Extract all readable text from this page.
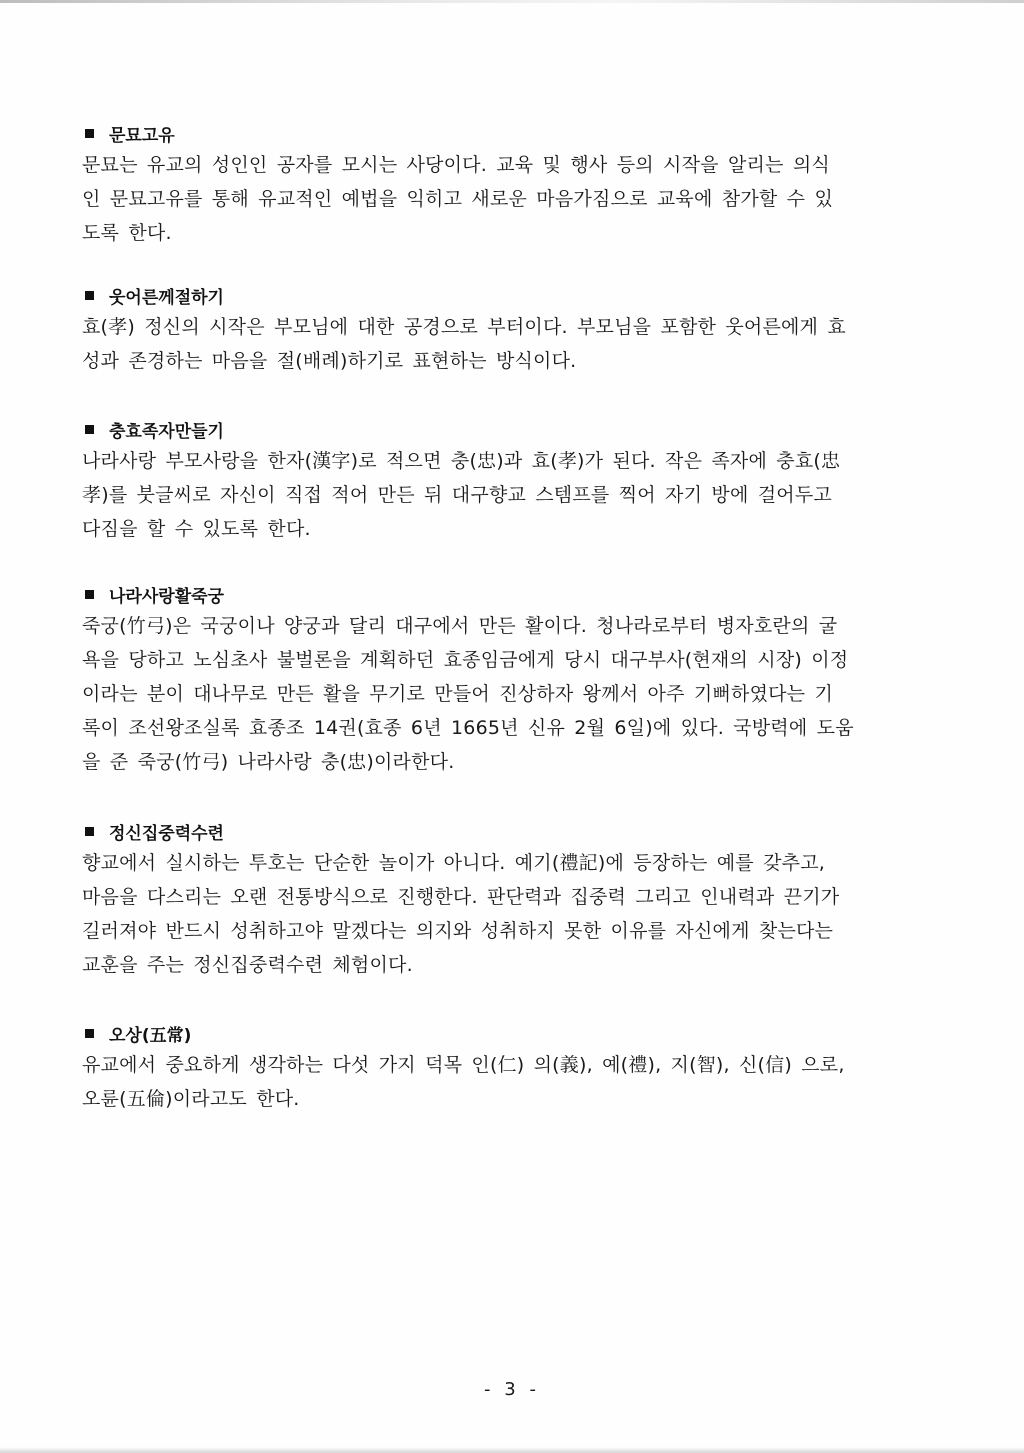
문묘고유
문묘는 유교의 성인인 공자를 모시는 사당이다. 교육 및 행사 등의 시작을 알리는 의식
인 문묘고유를 통해 유교적인 예법을 익히고 새로운 마음가짐으로 교육에 참가할 수 있
도록 한다.
웃어른께절하기
효(孝) 정신의 시작은 부모님에 대한 공경으로 부터이다. 부모님을 포함한 웃어른에게 효
성과 존경하는 마음을 절(배례)하기로 표현하는 방식이다.
충효족자만들기
나라사랑 부모사랑을 한자(漢字)로 적으면 충(忠)과 효(孝)가 된다. 작은 족자에 충효(忠
孝)를 붓글씨로 자신이 직접 적어 만든 뒤 대구향교 스템프를 찍어 자기 방에 걸어두고
다짐을 할 수 있도록 한다.
나라사랑활죽궁
죽궁(竹弓)은 국궁이나 양궁과 달리 대구에서 만든 활이다. 청나라로부터 병자호란의 굴
욕을 당하고 노심초사 불벌론을 계획하던 효종임금에게 당시 대구부사(현재의 시장) 이정
이라는 분이 대나무로 만든 활을 무기로 만들어 진상하자 왕께서 아주 기뻐하였다는 기
록이 조선왕조실록 효종조 14권(효종 6년 1665년 신유 2월 6일)에 있다. 국방력에 도움
을 준 죽궁(竹弓) 나라사랑 충(忠)이라한다.
정신집중력수련
향교에서 실시하는 투호는 단순한 놀이가 아니다. 예기(禮記)에 등장하는 예를 갖추고,
마음을 다스리는 오랜 전통방식으로 진행한다. 판단력과 집중력 그리고 인내력과 끈기가
길러져야 반드시 성취하고야 말겠다는 의지와 성취하지 못한 이유를 자신에게 찾는다는
교훈을 주는 정신집중력수련 체험이다.
오상(五常)
유교에서 중요하게 생각하는 다섯 가지 덕목 인(仁) 의(義), 예(禮), 지(智), 신(信) 으로,
오륜(五倫)이라고도 한다.
- 3 -
